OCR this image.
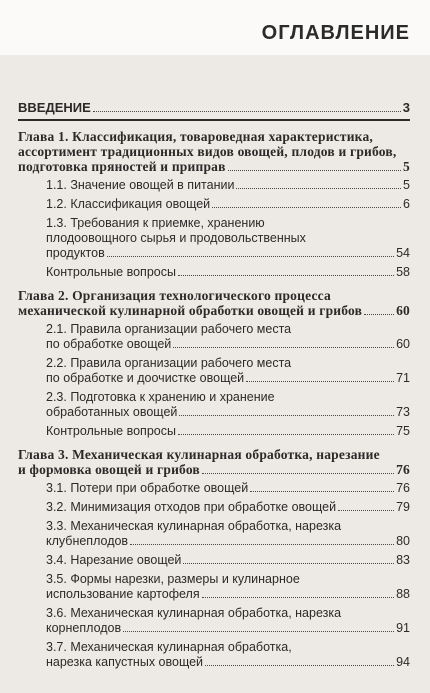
ОГЛАВЛЕНИЕ
ВВЕДЕНИЕ	3
Глава 1. Классификация, товароведная характеристика,
ассортимент традиционных видов овощей, плодов и грибов,
подготовка пряностей и приправ	5
1.1. Значение овощей в питании	5
1.2. Классификация овощей	6
1.3. Требования к приемке, хранению
плодоовощного сырья и продовольственных
продуктов	54
Контрольные вопросы	58
Глава 2. Организация технологического процесса
механической кулинарной обработки овощей и грибов	60
2.1. Правила организации рабочего места
по обработке овощей	60
2.2. Правила организации рабочего места
по обработке и доочистке овощей	71
2.3. Подготовка к хранению и хранение
обработанных овощей	73
Контрольные вопросы	75
Глава 3. Механическая кулинарная обработка, нарезание
и формовка овощей и грибов	76
3.1. Потери при обработке овощей	76
3.2. Минимизация отходов при обработке овощей	79
3.3. Механическая кулинарная обработка, нарезка
клубнеплодов	80
3.4. Нарезание овощей	83
3.5. Формы нарезки, размеры и кулинарное
использование картофеля	88
3.6. Механическая кулинарная обработка, нарезка
корнеплодов	91
3.7. Механическая кулинарная обработка,
нарезка капустных овощей	94
